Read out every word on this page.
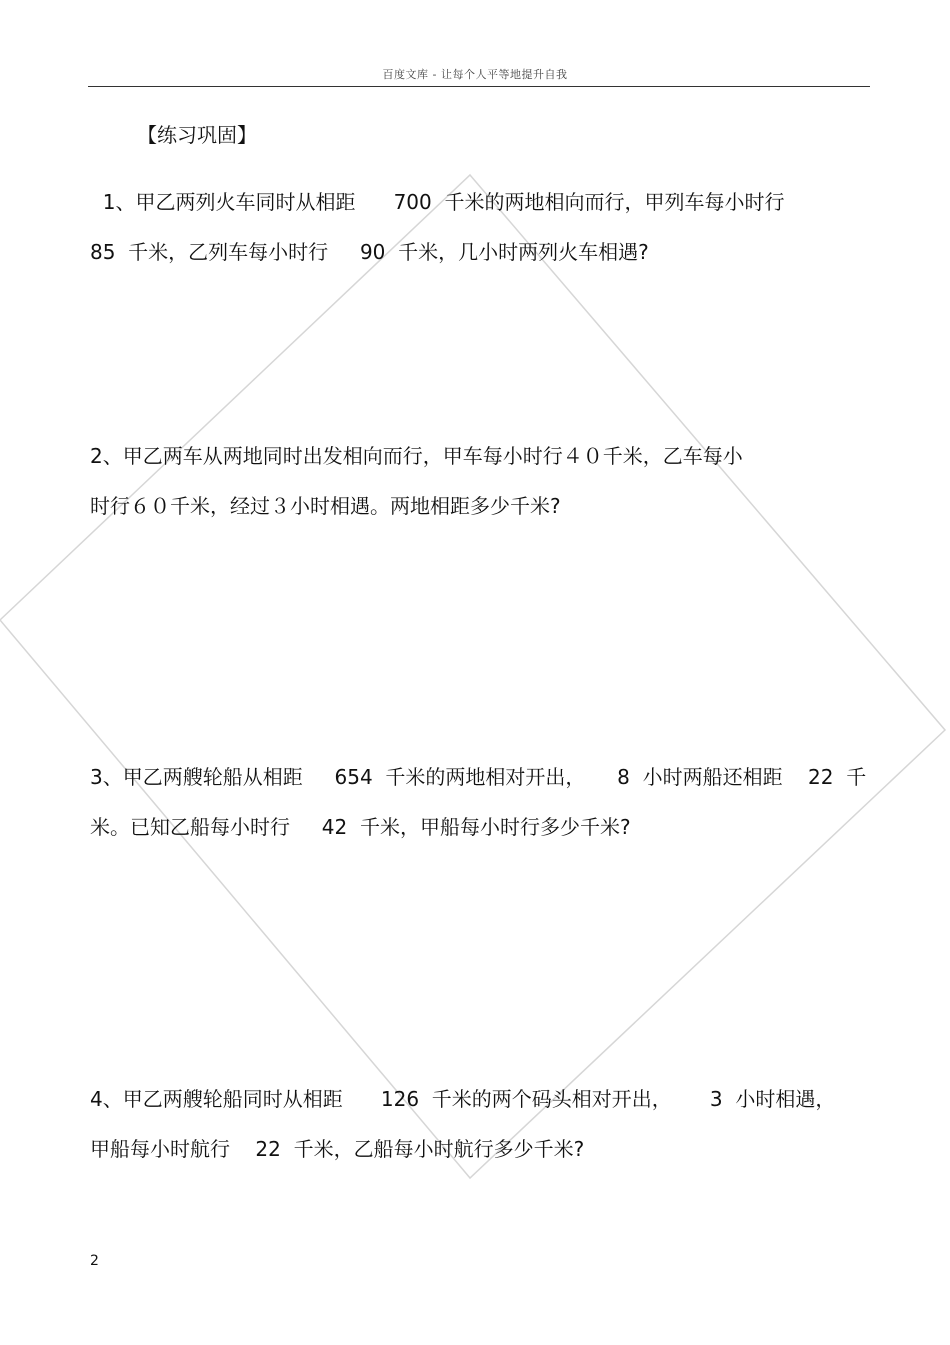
百度文库 - 让每个人平等地提升自我
【练习巩固】
1、甲乙两列火车同时从相距      700  千米的两地相向而行，甲列车每小时行
85  千米，乙列车每小时行     90  千米，几小时两列火车相遇?
2、甲乙两车从两地同时出发相向而行，甲车每小时行４０千米，乙车每小
时行６０千米，经过３小时相遇。两地相距多少千米?
3、甲乙两艘轮船从相距     654  千米的两地相对开出，     8  小时两船还相距    22  千
米。已知乙船每小时行     42  千米，甲船每小时行多少千米?
4、甲乙两艘轮船同时从相距      126  千米的两个码头相对开出，      3  小时相遇，
甲船每小时航行    22  千米，乙船每小时航行多少千米?
2
